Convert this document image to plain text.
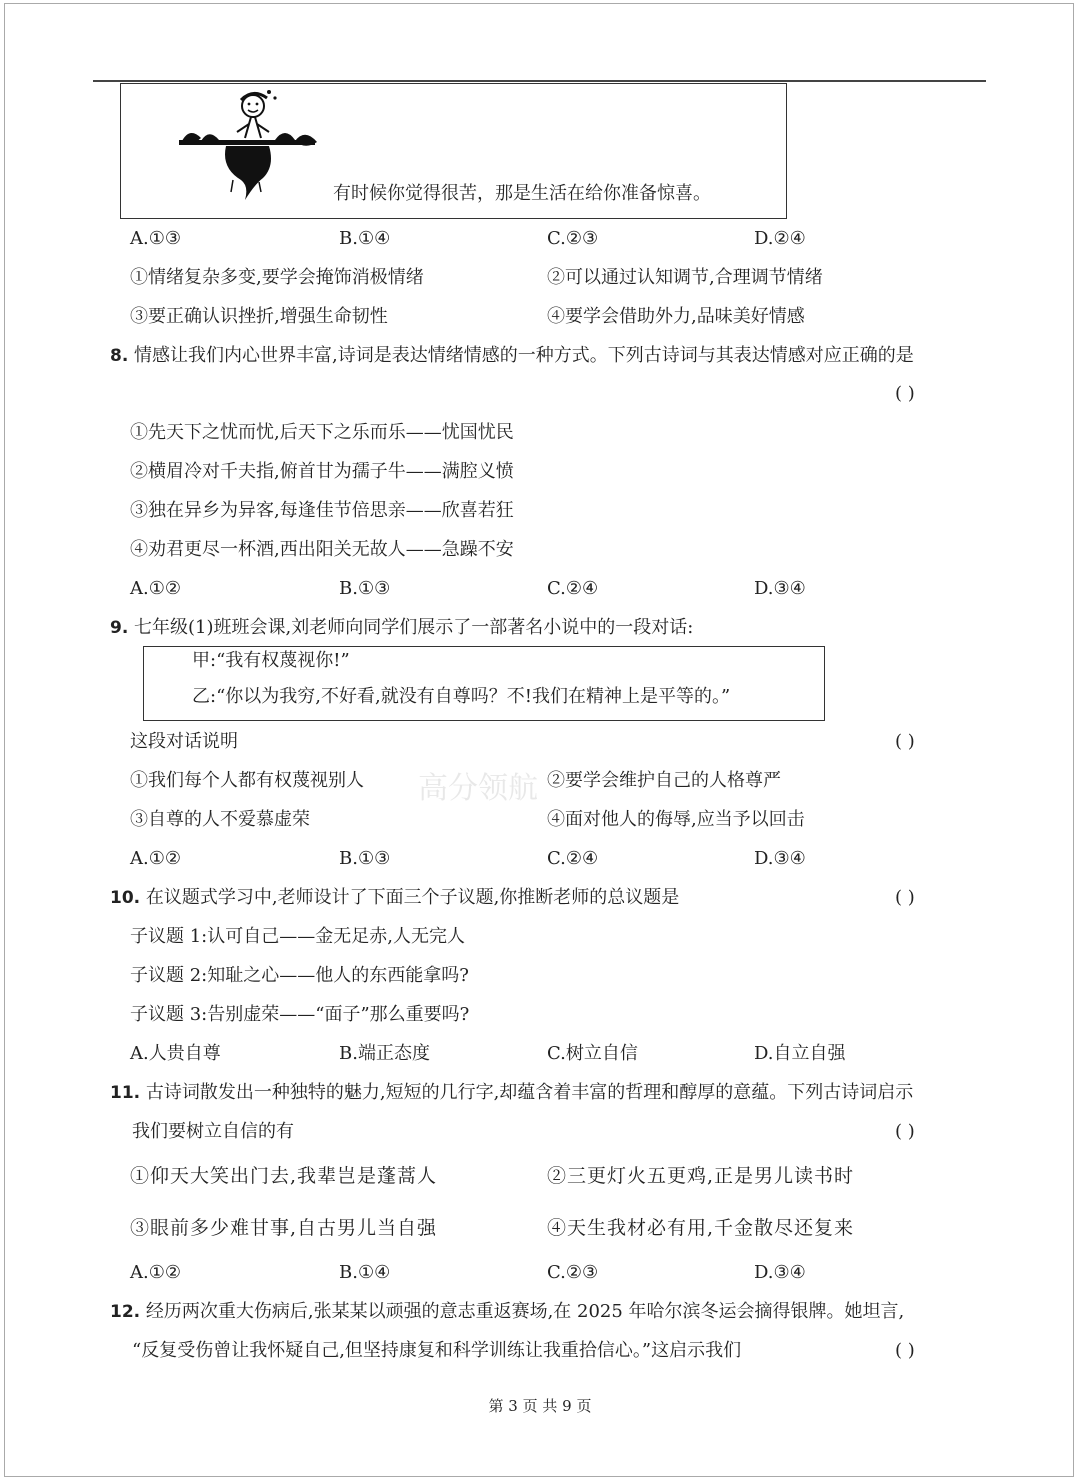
有时候你觉得很苦，那是生活在给你准备惊喜。
A.①③	B.①④	C.②③	D.②④
①情绪复杂多变,要学会掩饰消极情绪	②可以通过认知调节,合理调节情绪
③要正确认识挫折,增强生命韧性	④要学会借助外力,品味美好情感
8. 情感让我们内心世界丰富,诗词是表达情绪情感的一种方式。下列古诗词与其表达情感对应正确的是
( )
①先天下之忧而忧,后天下之乐而乐——忧国忧民
②横眉冷对千夫指,俯首甘为孺子牛——满腔义愤
③独在异乡为异客,每逢佳节倍思亲——欣喜若狂
④劝君更尽一杯酒,西出阳关无故人——急躁不安
A.①②	B.①③	C.②④	D.③④
9. 七年级(1)班班会课,刘老师向同学们展示了一部著名小说中的一段对话:
甲:“我有权蔑视你!”
乙:“你以为我穷,不好看,就没有自尊吗？不!我们在精神上是平等的。”
这段对话说明	( )
高分领航
①我们每个人都有权蔑视别人	②要学会维护自己的人格尊严
③自尊的人不爱慕虚荣	④面对他人的侮辱,应当予以回击
A.①②	B.①③	C.②④	D.③④
10. 在议题式学习中,老师设计了下面三个子议题,你推断老师的总议题是	( )
子议题 1:认可自己——金无足赤,人无完人
子议题 2:知耻之心——他人的东西能拿吗?
子议题 3:告别虚荣——“面子”那么重要吗?
A.人贵自尊	B.端正态度	C.树立自信	D.自立自强
11. 古诗词散发出一种独特的魅力,短短的几行字,却蕴含着丰富的哲理和醇厚的意蕴。下列古诗词启示
我们要树立自信的有	( )
①仰天大笑出门去,我辈岂是蓬蒿人	②三更灯火五更鸡,正是男儿读书时
③眼前多少难甘事,自古男儿当自强	④天生我材必有用,千金散尽还复来
A.①②	B.①④	C.②③	D.③④
12. 经历两次重大伤病后,张某某以顽强的意志重返赛场,在 2025 年哈尔滨冬运会摘得银牌。她坦言,
“反复受伤曾让我怀疑自己,但坚持康复和科学训练让我重拾信心。”这启示我们	( )
第 3 页 共 9 页
